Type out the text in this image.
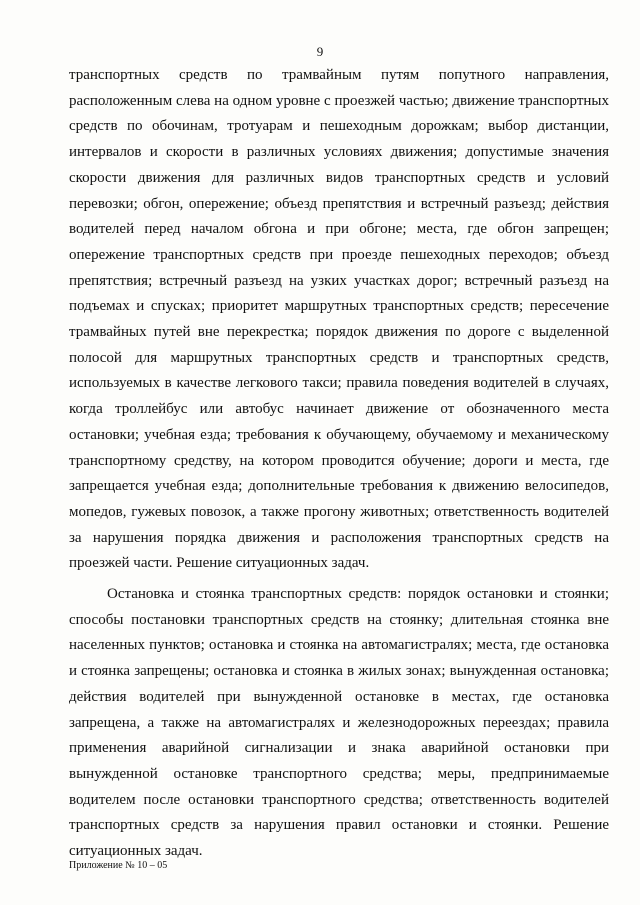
9

транспортных средств по трамвайным путям попутного направления, расположенным слева на одном уровне с проезжей частью; движение транспортных средств по обочинам, тротуарам и пешеходным дорожкам; выбор дистанции, интервалов и скорости в различных условиях движения; допустимые значения скорости движения для различных видов транспортных средств и условий перевозки; обгон, опережение; объезд препятствия и встречный разъезд; действия водителей перед началом обгона и при обгоне; места, где обгон запрещен; опережение транспортных средств при проезде пешеходных переходов; объезд препятствия; встречный разъезд на узких участках дорог; встречный разъезд на подъемах и спусках; приоритет маршрутных транспортных средств; пересечение трамвайных путей вне перекрестка; порядок движения по дороге с выделенной полосой для маршрутных транспортных средств и транспортных средств, используемых в качестве легкового такси; правила поведения водителей в случаях, когда троллейбус или автобус начинает движение от обозначенного места остановки; учебная езда; требования к обучающему, обучаемому и механическому транспортному средству, на котором проводится обучение; дороги и места, где запрещается учебная езда; дополнительные требования к движению велосипедов, мопедов, гужевых повозок, а также прогону животных; ответственность водителей за нарушения порядка движения и расположения транспортных средств на проезжей части. Решение ситуационных задач.

Остановка и стоянка транспортных средств: порядок остановки и стоянки; способы постановки транспортных средств на стоянку; длительная стоянка вне населенных пунктов; остановка и стоянка на автомагистралях; места, где остановка и стоянка запрещены; остановка и стоянка в жилых зонах; вынужденная остановка; действия водителей при вынужденной остановке в местах, где остановка запрещена, а также на автомагистралях и железнодорожных переездах; правила применения аварийной сигнализации и знака аварийной остановки при вынужденной остановке транспортного средства; меры, предпринимаемые водителем после остановки транспортного средства; ответственность водителей транспортных средств за нарушения правил остановки и стоянки. Решение ситуационных задач.

Приложение № 10 – 05
